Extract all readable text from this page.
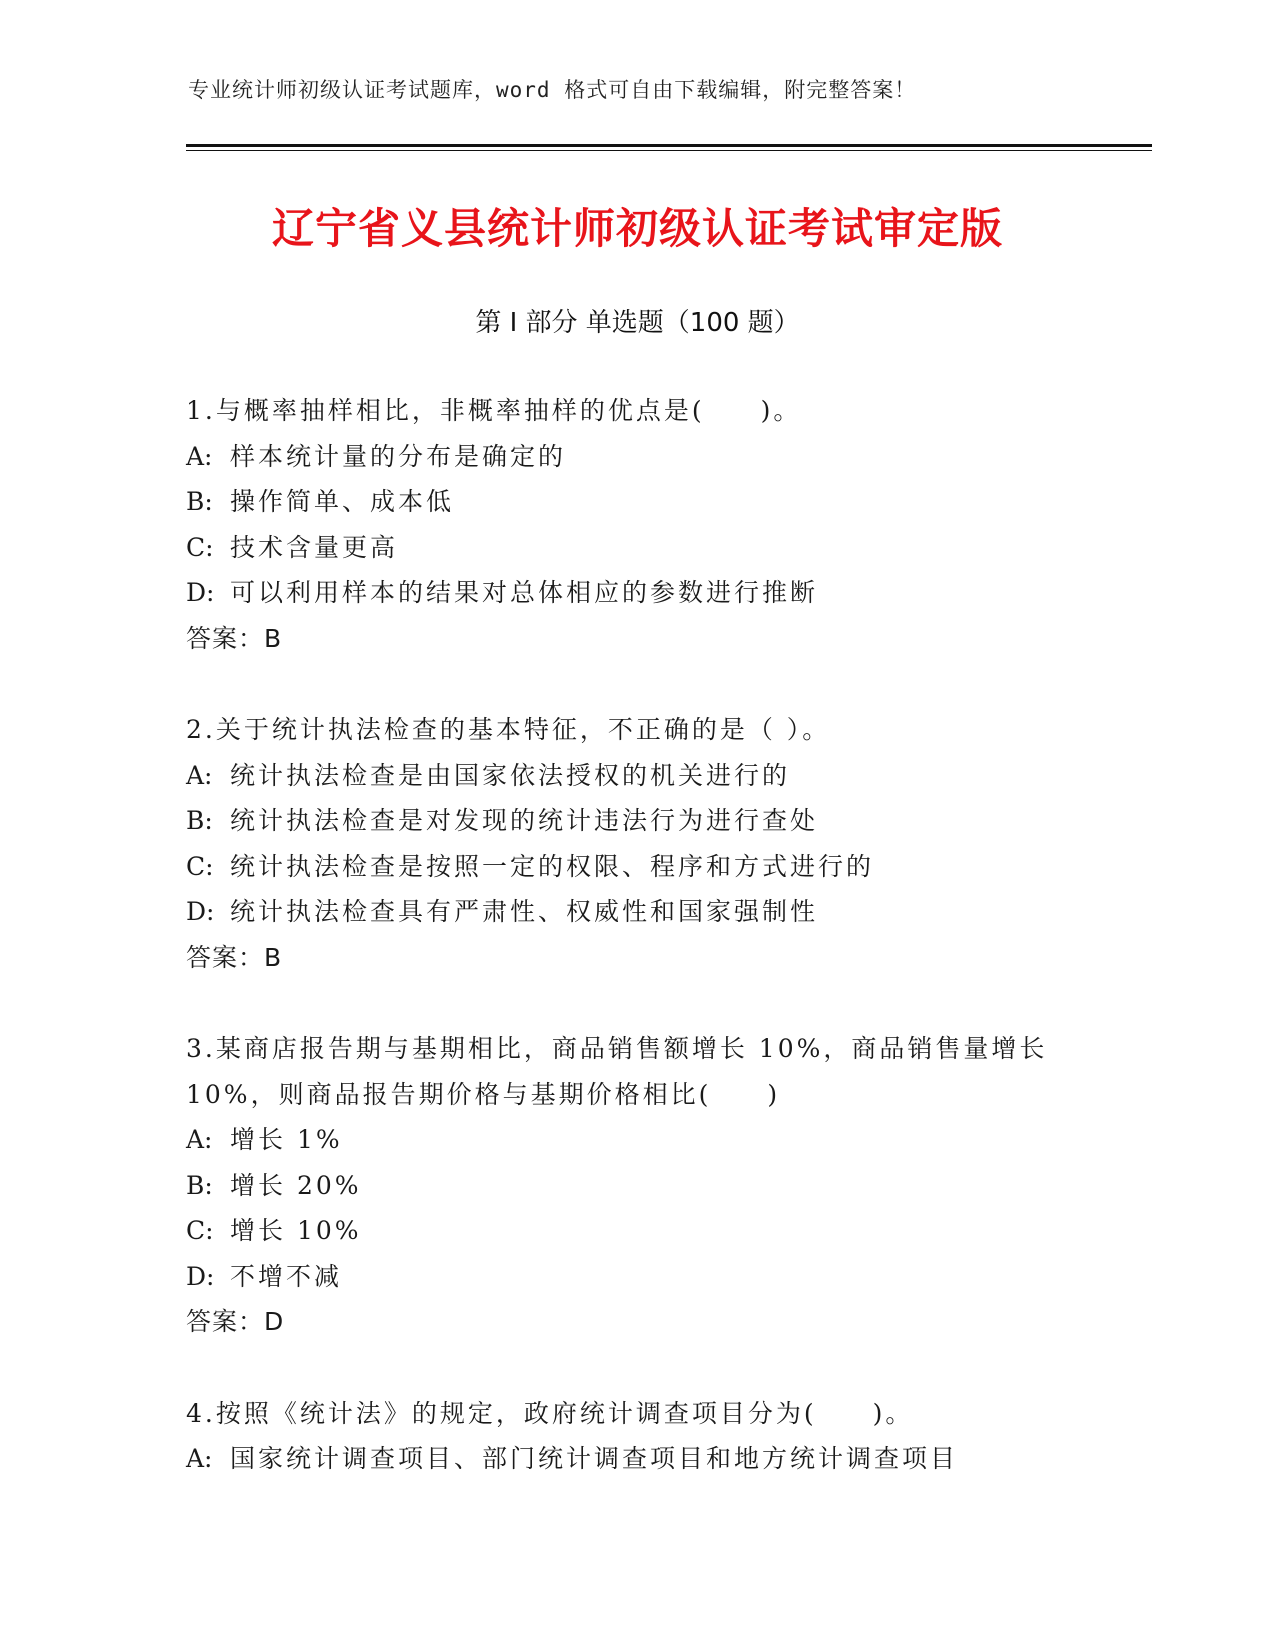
专业统计师初级认证考试题库，word 格式可自由下载编辑，附完整答案！
辽宁省义县统计师初级认证考试审定版
第 I 部分 单选题（100 题）
1.与概率抽样相比，非概率抽样的优点是(　　)。
A: 样本统计量的分布是确定的
B: 操作简单、成本低
C: 技术含量更高
D: 可以利用样本的结果对总体相应的参数进行推断
答案：B
2.关于统计执法检查的基本特征，不正确的是（ ）。
A: 统计执法检查是由国家依法授权的机关进行的
B: 统计执法检查是对发现的统计违法行为进行查处
C: 统计执法检查是按照一定的权限、程序和方式进行的
D: 统计执法检查具有严肃性、权威性和国家强制性
答案：B
3.某商店报告期与基期相比，商品销售额增长 10%，商品销售量增长
10%，则商品报告期价格与基期价格相比(　　)
A: 增长 1%
B: 增长 20%
C: 增长 10%
D: 不增不减
答案：D
4.按照《统计法》的规定，政府统计调查项目分为(　　)。
A: 国家统计调查项目、部门统计调查项目和地方统计调查项目
